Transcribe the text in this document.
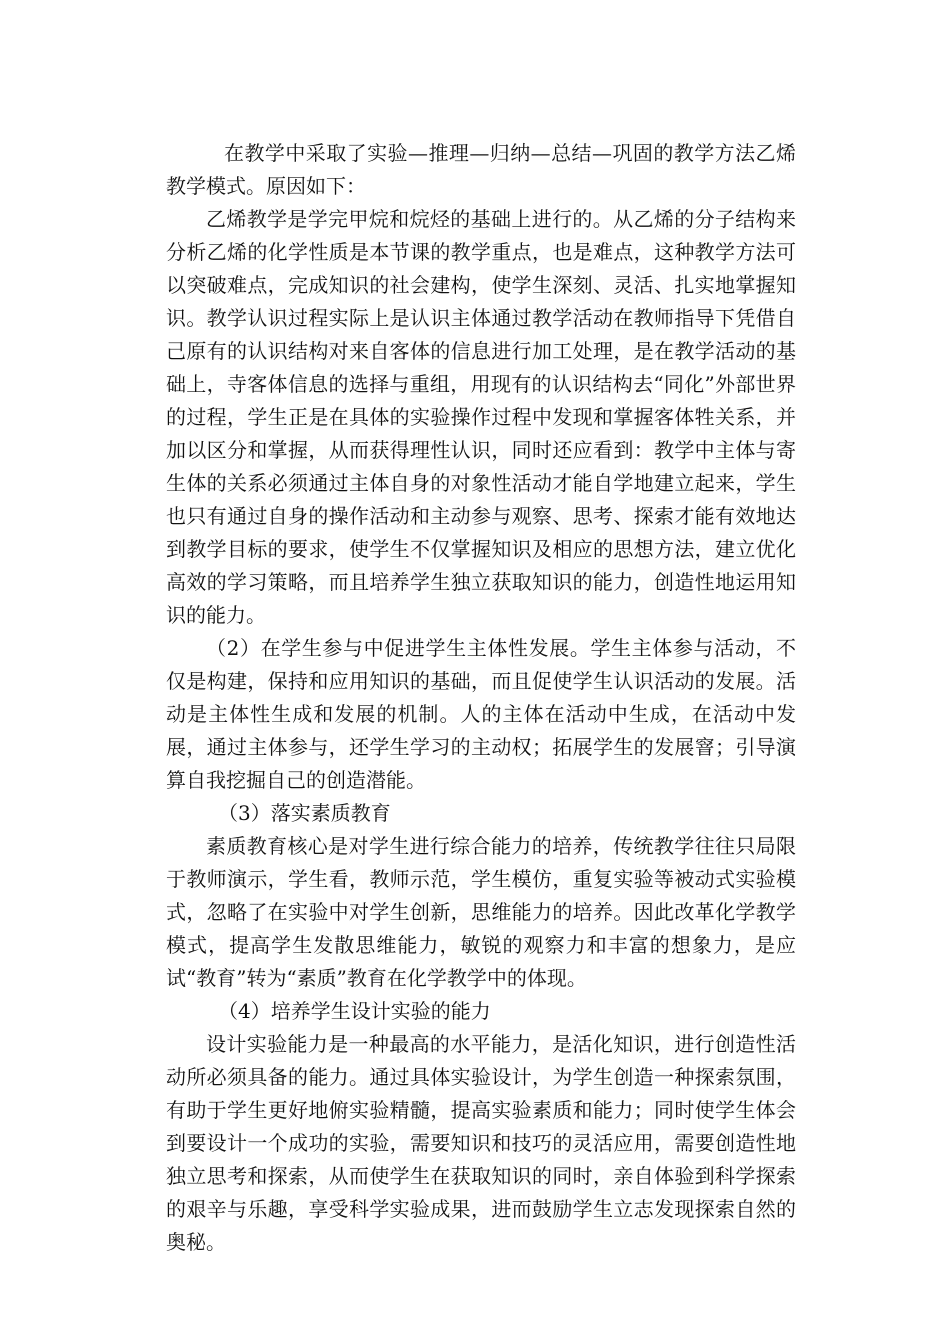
在教学中采取了实验—推理—归纳—总结—巩固的教学方法乙烯教学模式。原因如下：

乙烯教学是学完甲烷和烷烃的基础上进行的。从乙烯的分子结构来分析乙烯的化学性质是本节课的教学重点，也是难点，这种教学方法可以突破难点，完成知识的社会建构，使学生深刻、灵活、扎实地掌握知识。教学认识过程实际上是认识主体通过教学活动在教师指导下凭借自己原有的认识结构对来自客体的信息进行加工处理，是在教学活动的基础上，寺客体信息的选择与重组，用现有的认识结构去“同化”外部世界的过程，学生正是在具体的实验操作过程中发现和掌握客体牲关系，并加以区分和掌握，从而获得理性认识，同时还应看到：教学中主体与寄生体的关系必须通过主体自身的对象性活动才能自学地建立起来，学生也只有通过自身的操作活动和主动参与观察、思考、探索才能有效地达到教学目标的要求，使学生不仅掌握知识及相应的思想方法，建立优化高效的学习策略，而且培养学生独立获取知识的能力，创造性地运用知识的能力。

（2）在学生参与中促进学生主体性发展。学生主体参与活动，不仅是构建，保持和应用知识的基础，而且促使学生认识活动的发展。活动是主体性生成和发展的机制。人的主体在活动中生成，在活动中发展，通过主体参与，还学生学习的主动权；拓展学生的发展窨；引导演算自我挖掘自己的创造潜能。

（3）落实素质教育

素质教育核心是对学生进行综合能力的培养，传统教学往往只局限于教师演示，学生看，教师示范，学生模仿，重复实验等被动式实验模式，忽略了在实验中对学生创新，思维能力的培养。因此改革化学教学模式，提高学生发散思维能力，敏锐的观察力和丰富的想象力，是应试“教育”转为“素质”教育在化学教学中的体现。

（4）培养学生设计实验的能力

设计实验能力是一种最高的水平能力，是活化知识，进行创造性活动所必须具备的能力。通过具体实验设计，为学生创造一种探索氛围，有助于学生更好地俯实验精髓，提高实验素质和能力；同时使学生体会到要设计一个成功的实验，需要知识和技巧的灵活应用，需要创造性地独立思考和探索，从而使学生在获取知识的同时，亲自体验到科学探索的艰辛与乐趣，享受科学实验成果，进而鼓励学生立志发现探索自然的奥秘。
